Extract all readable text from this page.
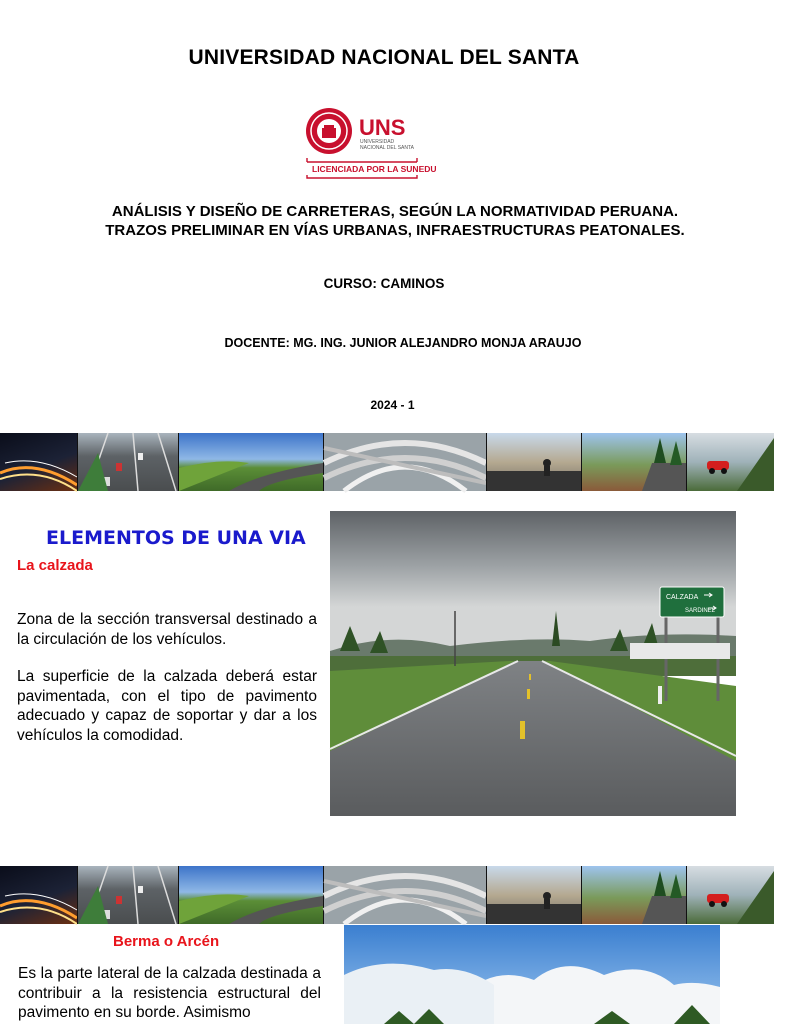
UNIVERSIDAD NACIONAL DEL SANTA
UNS
UNIVERSIDAD
NACIONAL DEL SANTA
LICENCIADA POR LA SUNEDU
ANÁLISIS Y DISEÑO DE CARRETERAS, SEGÚN LA NORMATIVIDAD PERUANA.
TRAZOS PRELIMINAR EN VÍAS URBANAS, INFRAESTRUCTURAS PEATONALES.
CURSO: CAMINOS
DOCENTE: MG. ING. JUNIOR ALEJANDRO MONJA ARAUJO
2024 - 1
ELEMENTOS DE UNA VIA
La calzada
Zona de la sección transversal destinado a la circulación de los vehículos.
La superficie de la calzada deberá estar pavimentada, con el tipo de pavimento adecuado y capaz de soportar y dar a los vehículos la comodidad.
CALZADA
SARDINEL
Berma o Arcén
Es la parte lateral de la calzada destinada a contribuir a la resistencia estructural del pavimento en su borde. Asimismo
